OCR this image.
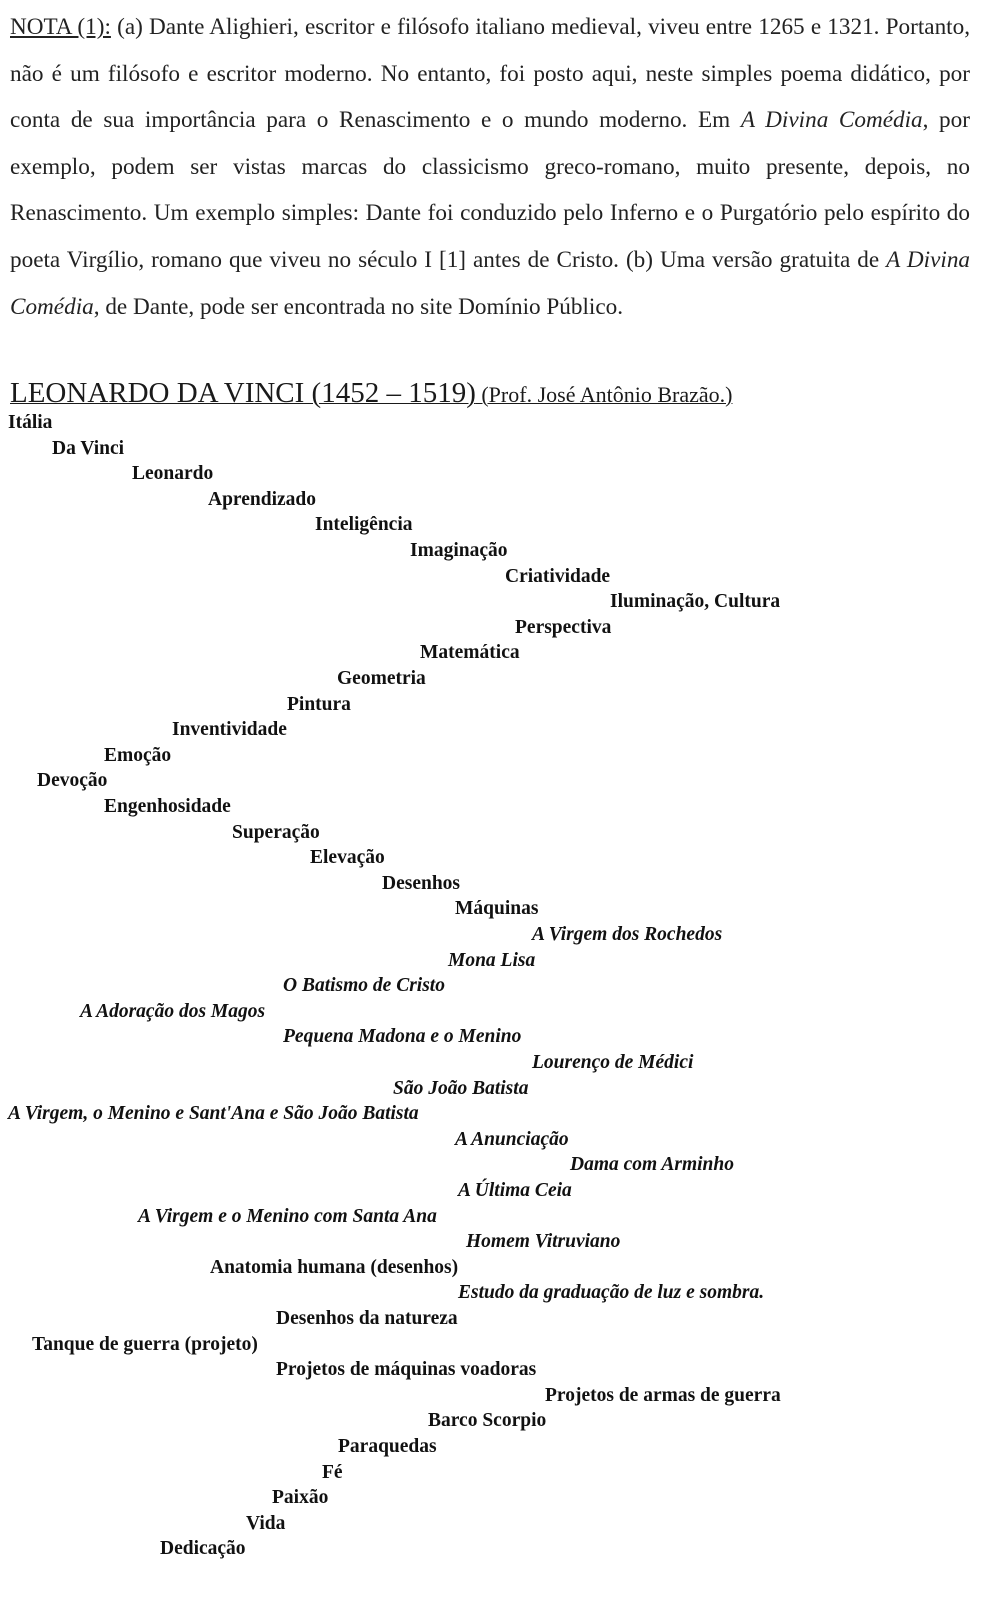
NOTA (1): (a) Dante Alighieri, escritor e filósofo italiano medieval, viveu entre 1265 e 1321. Portanto, não é um filósofo e escritor moderno. No entanto, foi posto aqui, neste simples poema didático, por conta de sua importância para o Renascimento e o mundo moderno. Em A Divina Comédia, por exemplo, podem ser vistas marcas do classicismo greco-romano, muito presente, depois, no Renascimento. Um exemplo simples: Dante foi conduzido pelo Inferno e o Purgatório pelo espírito do poeta Virgílio, romano que viveu no século I [1] antes de Cristo. (b) Uma versão gratuita de A Divina Comédia, de Dante, pode ser encontrada no site Domínio Público.
LEONARDO DA VINCI (1452 – 1519) (Prof. José Antônio Brazão.)
Itália
Da Vinci
Leonardo
Aprendizado
Inteligência
Imaginação
Criatividade
Iluminação, Cultura
Perspectiva
Matemática
Geometria
Pintura
Inventividade
Emoção
Devoção
Engenhosidade
Superação
Elevação
Desenhos
Máquinas
A Virgem dos Rochedos
Mona Lisa
O Batismo de Cristo
A Adoração dos Magos
Pequena Madona e o Menino
Lourenço de Médici
São João Batista
A Virgem, o Menino e Sant'Ana e São João Batista
A Anunciação
Dama com Arminho
A Última Ceia
A Virgem e o Menino com Santa Ana
Homem Vitruviano
Anatomia humana (desenhos)
Estudo da graduação de luz e sombra.
Desenhos da natureza
Tanque de guerra (projeto)
Projetos de máquinas voadoras
Projetos de armas de guerra
Barco Scorpio
Paraquedas
Fé
Paixão
Vida
Dedicação
